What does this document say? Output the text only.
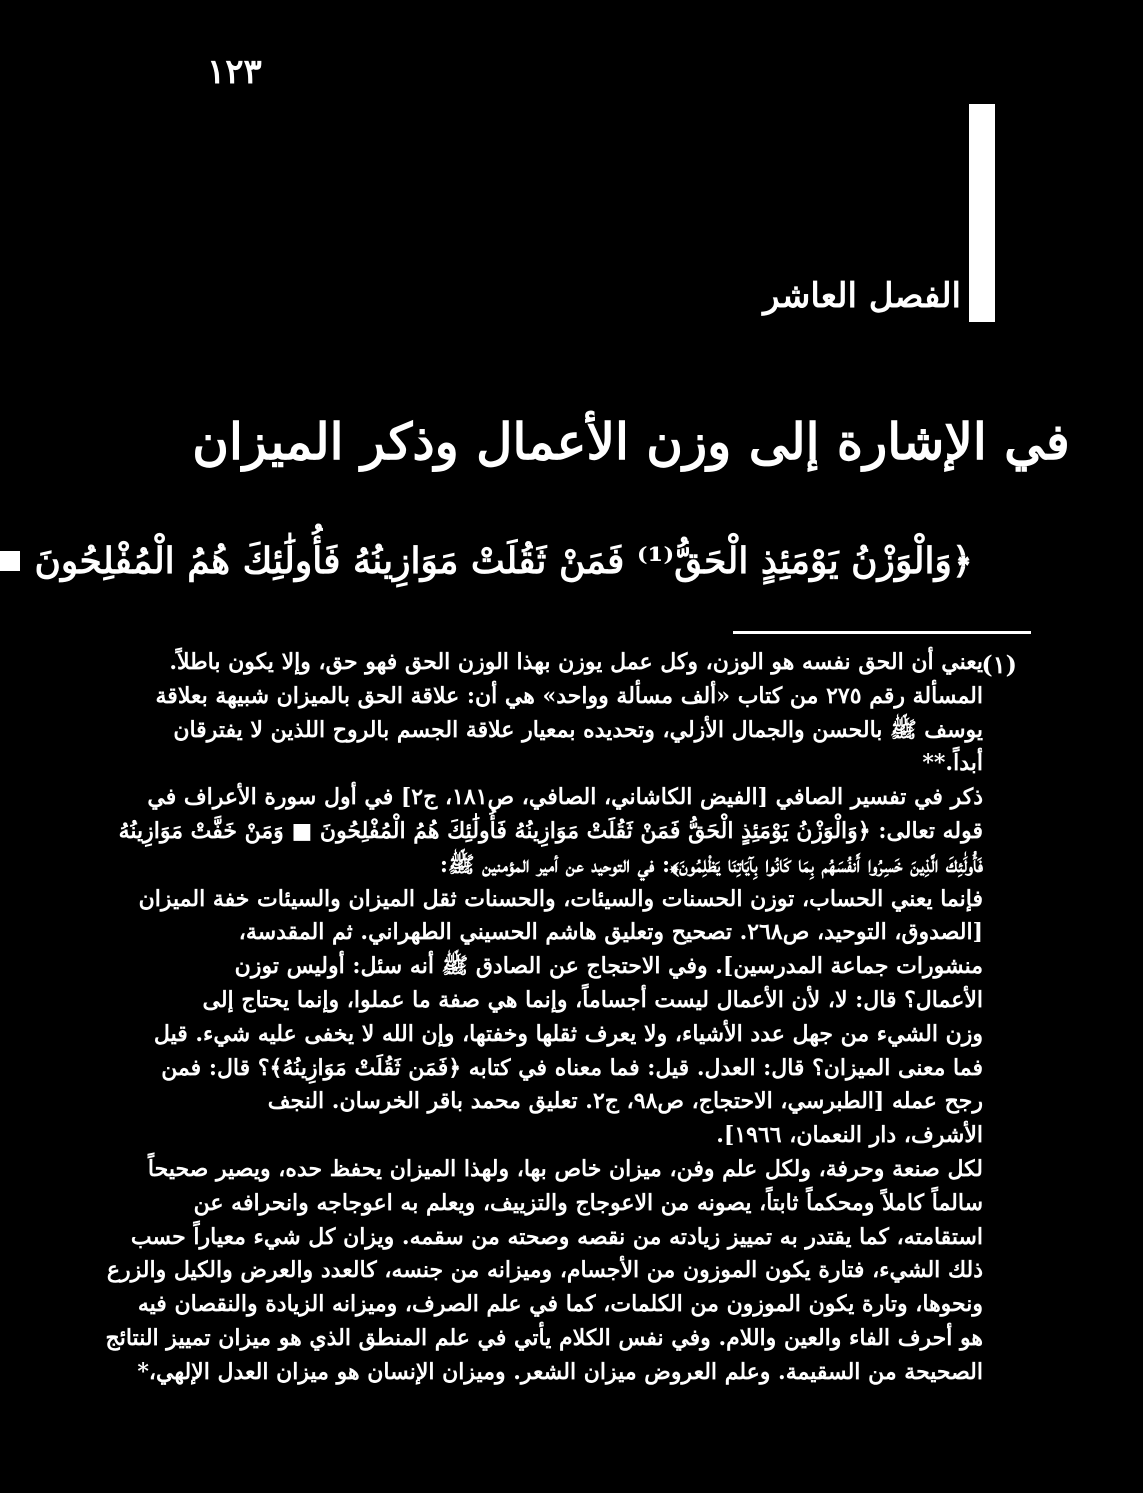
١٢٣
الفصل العاشر
في الإشارة إلى وزن الأعمال وذكر الميزان
﴿وَالْوَزْنُ يَوْمَئِذٍ الْحَقُّ⁽¹⁾ فَمَنْ ثَقُلَتْ مَوَازِينُهُ فَأُولَٰئِكَ هُمُ الْمُفْلِحُونَ
(١)
يعني أن الحق نفسه هو الوزن، وكل عمل يوزن بهذا الوزن الحق فهو حق، وإلا يكون باطلاً.
المسألة رقم ٢٧٥ من كتاب «ألف مسألة وواحد» هي أن: علاقة الحق بالميزان شبيهة بعلاقة
يوسف ﷺ بالحسن والجمال الأزلي، وتحديده بمعيار علاقة الجسم بالروح اللذين لا يفترقان
أبداً.**
ذكر في تفسير الصافي [الفيض الكاشاني، الصافي، ص١٨١، ج٢] في أول سورة الأعراف في
قوله تعالى: ﴿وَالْوَزْنُ يَوْمَئِذٍ الْحَقُّ فَمَنْ ثَقُلَتْ مَوَازِينُهُ فَأُولَٰئِكَ هُمُ الْمُفْلِحُونَ ■ وَمَنْ خَفَّتْ مَوَازِينُهُ
فَأُولَٰئِكَ الَّذِينَ خَسِرُوا أَنفُسَهُم بِمَا كَانُوا بِآيَاتِنَا يَظْلِمُونَ﴾: في التوحيد عن أمير المؤمنين ﷺ:
فإنما يعني الحساب، توزن الحسنات والسيئات، والحسنات ثقل الميزان والسيئات خفة الميزان
[الصدوق، التوحيد، ص٢٦٨. تصحيح وتعليق هاشم الحسيني الطهراني. ثم المقدسة،
منشورات جماعة المدرسين]. وفي الاحتجاج عن الصادق ﷺ أنه سئل: أوليس توزن
الأعمال؟ قال: لا، لأن الأعمال ليست أجساماً، وإنما هي صفة ما عملوا، وإنما يحتاج إلى
وزن الشيء من جهل عدد الأشياء، ولا يعرف ثقلها وخفتها، وإن الله لا يخفى عليه شيء. قيل
فما معنى الميزان؟ قال: العدل. قيل: فما معناه في كتابه ﴿فَمَن ثَقُلَتْ مَوَازِينُهُ﴾؟ قال: فمن
رجح عمله [الطبرسي، الاحتجاج، ص٩٨، ج٢. تعليق محمد باقر الخرسان. النجف
الأشرف، دار النعمان، ١٩٦٦].
لكل صنعة وحرفة، ولكل علم وفن، ميزان خاص بها، ولهذا الميزان يحفظ حده، ويصير صحيحاً
سالماً كاملاً ومحكماً ثابتاً، يصونه من الاعوجاج والتزييف، ويعلم به اعوجاجه وانحرافه عن
استقامته، كما يقتدر به تمييز زيادته من نقصه وصحته من سقمه. ويزان كل شيء معياراً حسب
ذلك الشيء، فتارة يكون الموزون من الأجسام، وميزانه من جنسه، كالعدد والعرض والكيل والزرع
ونحوها، وتارة يكون الموزون من الكلمات، كما في علم الصرف، وميزانه الزيادة والنقصان فيه
هو أحرف الفاء والعين واللام. وفي نفس الكلام يأتي في علم المنطق الذي هو ميزان تمييز النتائج
الصحيحة من السقيمة. وعلم العروض ميزان الشعر. وميزان الإنسان هو ميزان العدل الإلهي،*
